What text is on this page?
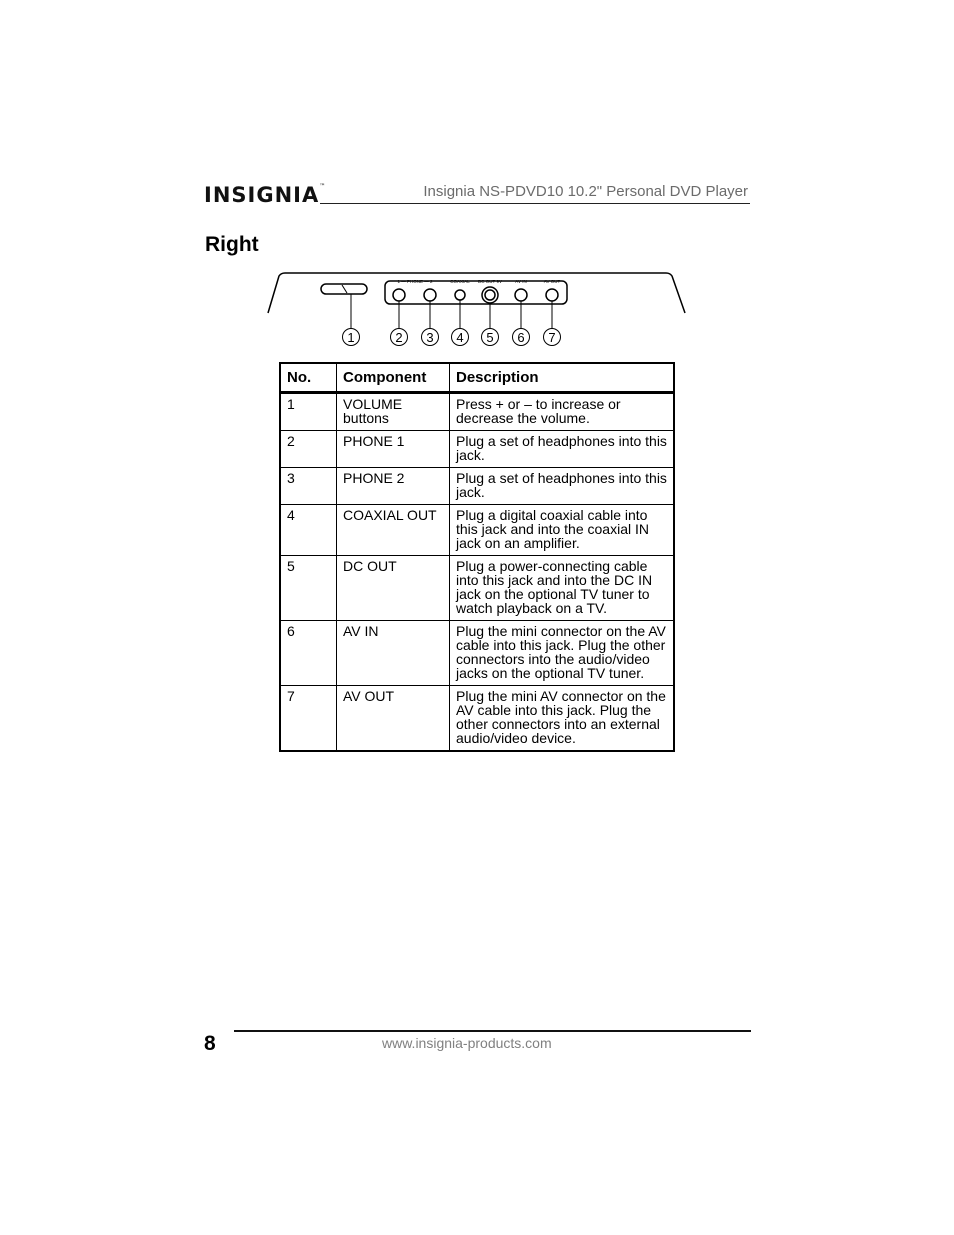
INSIGNIA™	Insignia NS-PDVD10 10.2" Personal DVD Player
Right
1 — PHONE — 2	COAXIAL DC OUT 9V	AV IN	AV OUT
1	2 3 4 5 6 7
No.	Component	Description
1	VOLUME buttons	Press + or – to increase or decrease the volume.
2	PHONE 1	Plug a set of headphones into this jack.
3	PHONE 2	Plug a set of headphones into this jack.
4	COAXIAL OUT	Plug a digital coaxial cable into this jack and into the coaxial IN jack on an amplifier.
5	DC OUT	Plug a power-connecting cable into this jack and into the DC IN jack on the optional TV tuner to watch playback on a TV.
6	AV IN	Plug the mini connector on the AV cable into this jack. Plug the other connectors into the audio/video jacks on the optional TV tuner.
7	AV OUT	Plug the mini AV connector on the AV cable into this jack. Plug the other connectors into an external audio/video device.
8	www.insignia-products.com
